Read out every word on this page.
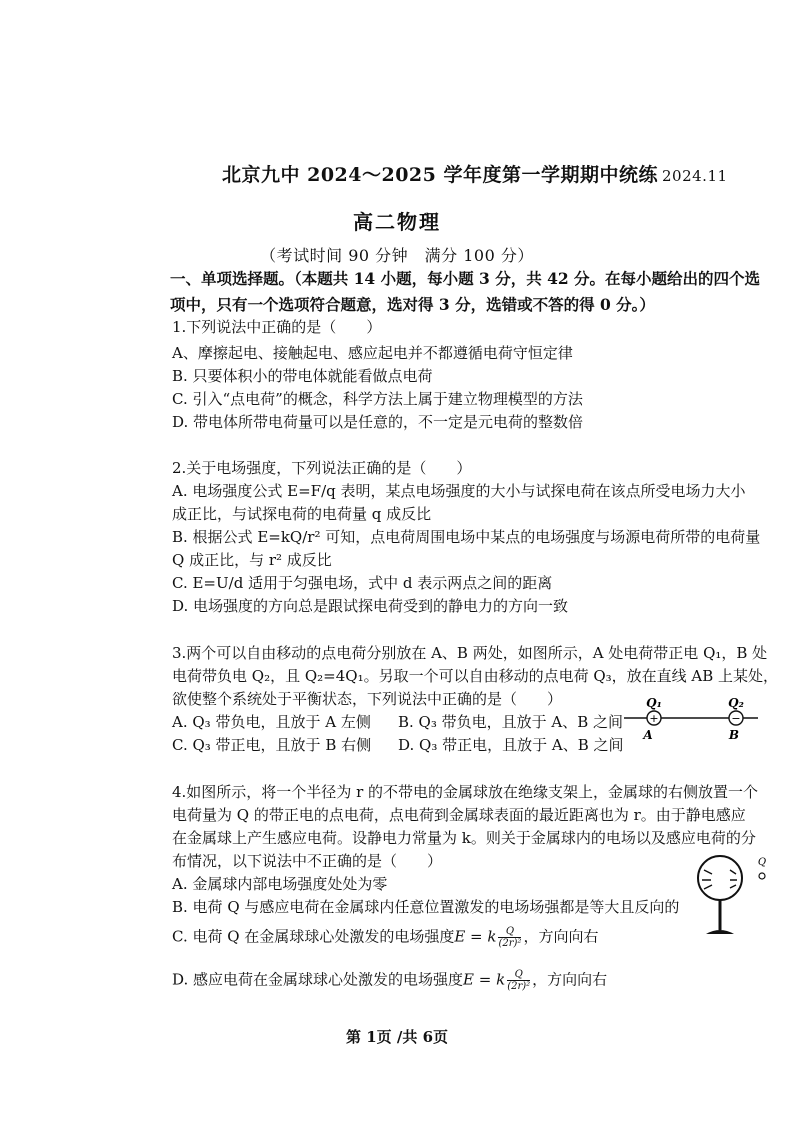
北京九中 2024～2025 学年度第一学期期中统练 2024.11
高二物理
（考试时间 90 分钟　满分 100 分）
一、单项选择题。（本题共 14 小题，每小题 3 分，共 42 分。在每小题给出的四个选
项中，只有一个选项符合题意，选对得 3 分，选错或不答的得 0 分。）
1.下列说法中正确的是（　　）
A、摩擦起电、接触起电、感应起电并不都遵循电荷守恒定律
B. 只要体积小的带电体就能看做点电荷
C. 引入“点电荷”的概念，科学方法上属于建立物理模型的方法
D. 带电体所带电荷量可以是任意的，不一定是元电荷的整数倍
2.关于电场强度，下列说法正确的是（　　）
A. 电场强度公式 E=F/q 表明，某点电场强度的大小与试探电荷在该点所受电场力大小
成正比，与试探电荷的电荷量 q 成反比
B. 根据公式 E=kQ/r² 可知，点电荷周围电场中某点的电场强度与场源电荷所带的电荷量
Q 成正比，与 r² 成反比
C. E=U/d 适用于匀强电场，式中 d 表示两点之间的距离
D. 电场强度的方向总是跟试探电荷受到的静电力的方向一致
3.两个可以自由移动的点电荷分别放在 A、B 两处，如图所示，A 处电荷带正电 Q₁，B 处
电荷带负电 Q₂，且 Q₂=4Q₁。另取一个可以自由移动的点电荷 Q₃，放在直线 AB 上某处，
欲使整个系统处于平衡状态，下列说法中正确的是（　　）
A. Q₃ 带负电，且放于 A 左侧 B. Q₃ 带负电，且放于 A、B 之间
C. Q₃ 带正电，且放于 B 右侧 D. Q₃ 带正电，且放于 A、B 之间
+	−
Q₁	Q₂
A	B
4.如图所示，将一个半径为 r 的不带电的金属球放在绝缘支架上，金属球的右侧放置一个
电荷量为 Q 的带正电的点电荷，点电荷到金属球表面的最近距离也为 r。由于静电感应
在金属球上产生感应电荷。设静电力常量为 k。则关于金属球内的电场以及感应电荷的分
布情况，以下说法中不正确的是（　　）
A. 金属球内部电场强度处处为零
B. 电荷 Q 与感应电荷在金属球内任意位置激发的电场场强都是等大且反向的
C. 电荷 Q 在金属球球心处激发的电场强度E = k $\frac{Q}{\text{(2r)²}}$ ，方向向右
D. 感应电荷在金属球球心处激发的电场强度E = k $\frac{Q}{\text{(2r)²}}$ ，方向向右
Q
第 1页 /共 6页
